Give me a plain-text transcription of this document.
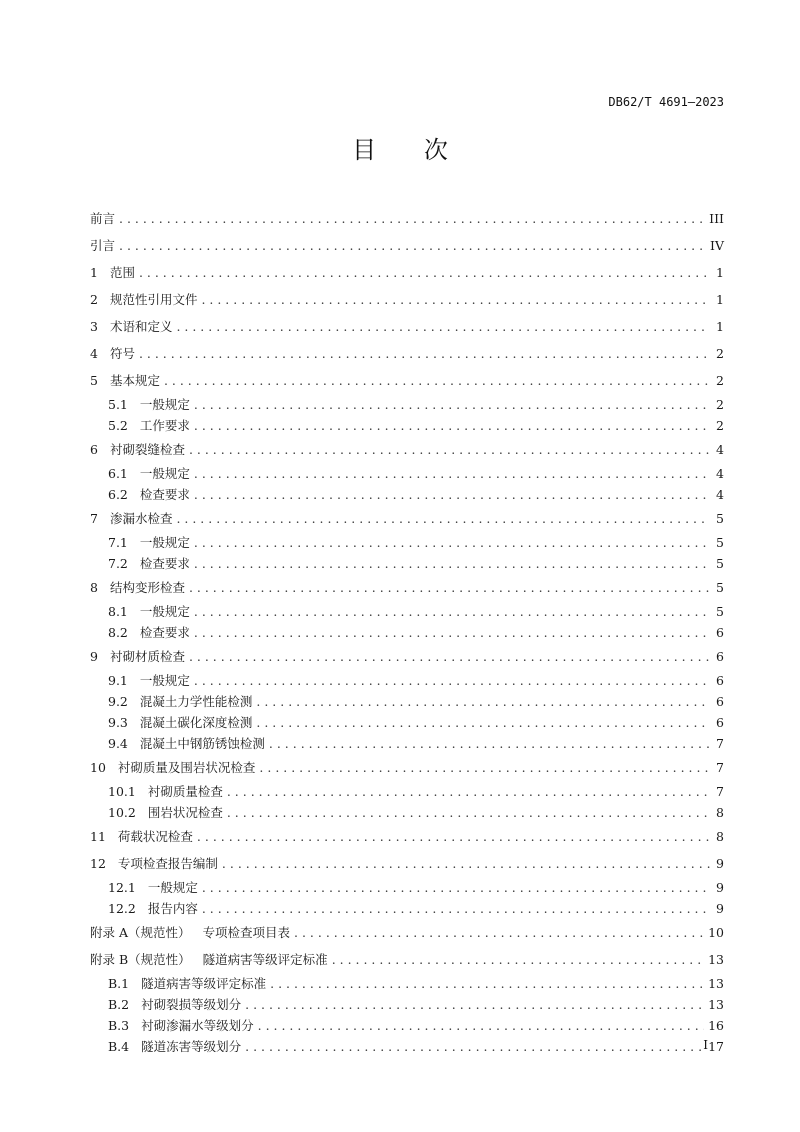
DB62/T 4691—2023
目 次
前言 . . .	III
引言 . . .	IV
1 范围 . . .	1
2 规范性引用文件 . . .	1
3 术语和定义 . . .	1
4 符号 . . .	2
5 基本规定 . . .	2
5.1 一般规定 . . .	2
5.2 工作要求 . . .	2
6 衬砌裂缝检查 . . .	4
6.1 一般规定 . . .	4
6.2 检查要求 . . .	4
7 渗漏水检查 . . .	5
7.1 一般规定 . . .	5
7.2 检查要求 . . .	5
8 结构变形检查 . . .	5
8.1 一般规定 . . .	5
8.2 检查要求 . . .	6
9 衬砌材质检查 . . .	6
9.1 一般规定 . . .	6
9.2 混凝土力学性能检测 . . .	6
9.3 混凝土碳化深度检测 . . .	6
9.4 混凝土中钢筋锈蚀检测 . . .	7
10 衬砌质量及围岩状况检查 . . .	7
10.1 衬砌质量检查 . . .	7
10.2 围岩状况检查 . . .	8
11 荷载状况检查 . . .	8
12 专项检查报告编制 . . .	9
12.1 一般规定 . . .	9
12.2 报告内容 . . .	9
附录 A（规范性） 专项检查项目表 . . .	10
附录 B（规范性） 隧道病害等级评定标准 . . .	13
B.1 隧道病害等级评定标准 . . .	13
B.2 衬砌裂损等级划分 . . .	13
B.3 衬砌渗漏水等级划分 . . .	16
B.4 隧道冻害等级划分 . . .	17
I
